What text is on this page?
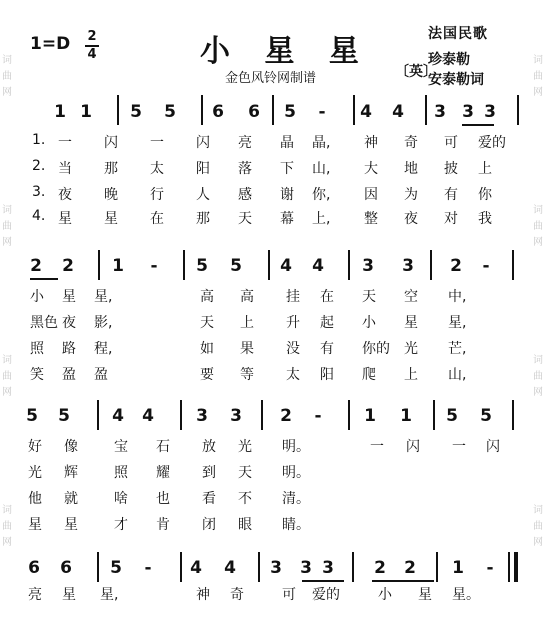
词
曲
网
词
曲
网
词
曲
网
词
曲
网
词
曲
网
词
曲
网
词
曲
网
词
曲
网
1=D 2
4	小 星 星
金色风铃网制谱
法国民歌
〔英〕
珍泰勒
安泰勒词
1 1 5 5 6 6 5	-	4 4 3 3 3
1. 一 闪 一 闪 亮 晶 晶, 神 奇 可 爱的
2. 当 那 太 阳 落 下 山, 大 地 披 上
3. 夜 晚 行 人 感 谢 你, 因 为 有 你
4. 星 星 在 那 天 幕 上, 整 夜 对 我
2 2 1	-	5 5 4 4 3 3 2	-
小 星 星,	高 高 挂 在 天 空 中,
黑色 夜 影,	天 上 升 起 小 星 星,
照 路 程,	如 果 没 有 你的 光 芒,
笑 盈 盈	要 等 太 阳 爬 上 山,
5 5 4 4 3 3 2	-	1 1 5 5
好 像	宝 石 放 光 明。	一 闪 一 闪
光 辉	照 耀 到 天 明。
他 就	啥 也 看 不 清。
星 星	才 肯 闭 眼 睛。
6 6 5	-	4 4 3 3 3 2 2 1	-
亮 星 星,	神 奇	可 爱的	小 星 星。
